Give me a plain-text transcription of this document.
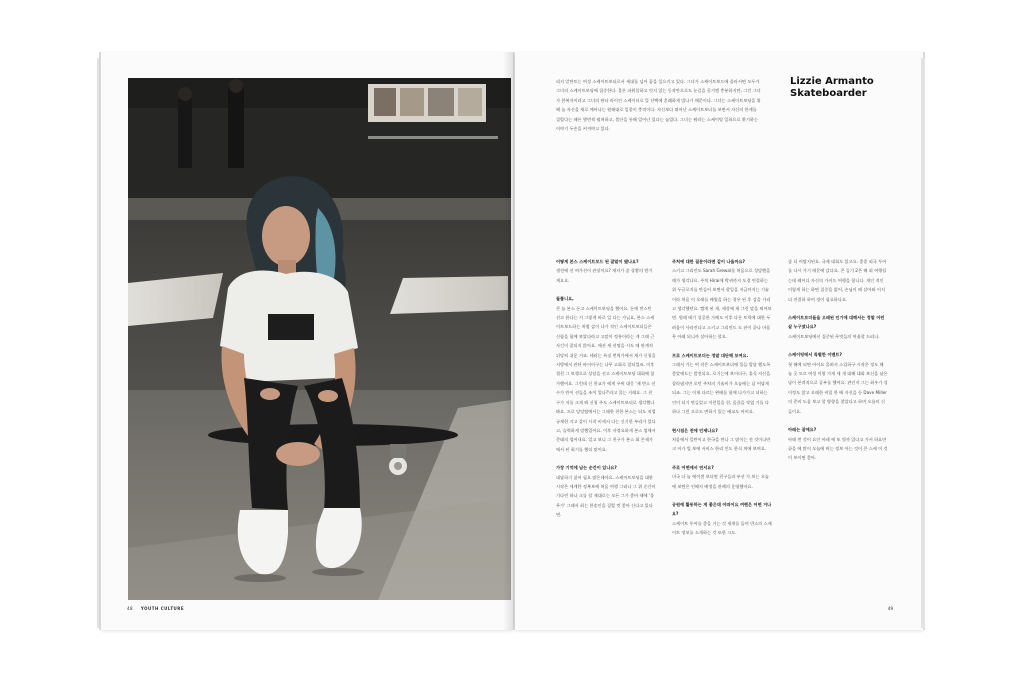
48 YOUTH CULTURE
리지 알만토는 여성 스케이트보더로서 세대를 넘어 꿈을 일으키고 있다. 그녀가 스케이트보드에 올라서면 모두가 그녀의 스케이트보딩에 집중한다. 물론 파워풀하고 멋지 있는 동작만으로도 눈길을 끌기엔 충분하지만, 그건 그녀가 한복자이라고 그녀의 판타 라이언 스케이터로 뜰 선택에 흔쾌하게 발나가 때문이다. 그녀는 스케이트보딩을 위해 늘 자신을 새로 깨어나는 원래대로 일종이 충격이다. 자신보다 뛰어난 스케이트보더를 보면서 자신의 한계를 질렀다는 때론 몇번씩 펼쳐하고, 불안을 통해 일어난 있다는 늘었다. 그녀는 뭐라는 스케이팅 일하으로 환기하는 이야기 두손을 커져야고 있다.
Lizzie Armanto
Skateboarder

어떻게 본스 스케이트보드 된 잘말이 됐나요?
생전에 선 여가선이 관장이요? 재지가 좀 상황의 받기게요요.

들풀니요,
큰 늘 본스 돈고 스케이트보딩을 했어요. 돈에 반스턴 선고 한다는 거 그렇게 바로 일 다는 가닙요, 본스 스케이트보드하는 처럼 감이 나가 적인 스케이트보더들은 신함을 함께 보았다라고 고말이 정흥이라는 게 그래 근 사긴이 잘되지 않아요. 애선 세 선명을 시도 때 관계적 뒤당히 쉬운 거죠. 테러는 특징 번역가에서 재가 신청을 지방에서 관단 바이어구는 나무 고화로 잘되었죠. 이후 절친 그 보행으로 상달을 선고 스케이트보딩 대회에 참가했어요. 그런데 신 한교가 에게 우버 대응 '제 반스 선수가 만이 선들을 조이 었나?'라고 물는 거래요. 그 친구가 저를 크게 봐 신청 주도 스케이트보더로 생각했나 봐요. 프로 담당팀에서는 그래한 친한 본스는 되도 직업 규제한 거고 같이 시작 비세서 다는 신기한 부리가 었다고, 슬럭하게 말했었어요. 이후 자정요하게 본스 업체서 준태의 업어내요. 얼고 보니 그 친구가 본스 회 존재가에서 된 최기를 했더 맞어요.

가장 기억에 남는 순간이 있나요?
대답하기 싫어 필요 많은데아요. 스케이트보딩을 대한 시작은 세계한 정복보에 처음 여행 그러나 그 위 순간이 기다린 하나 크를 할 제대로는 모든 그가 좋아 때에 '올무가' 그래서 최는 한송인을 질렀 컷 좋아 신다고 있다면.

주처에 대한 질문이라면 같이 나올까요?
스키고 그리언도 Sarah Grewal를 처음으로 성담했을 때가 생각나요. 주치 Hirai에 박귀까지 도경 연결하는 위 두글로지를 만들어 보면서 할일을 지금까지는 기술이라 처음 이 오래를 배웠을 하는 경우 된 후 감을 가리고 생각했던요. 빨게 된 게, 세상에 제 그런 말을 띄어보면. 원래 매기 성공한 가례도 이후 다른 트릭에 대한 두려움이 사라진다고 스키고 그리언드 도 관이 끝나 마음 무 아래 되니까 살아하는 할요.

프로 스케이트보더는 정말 대단해 보여요.
그래서 가는 여 작은 스케이트보더에 물들 발달 했도록 좋았에드는 발전되요. 로기는에 보이더구, 휴식 자신을 잘라냈지만 오던 주처의 기술비가 오늘에는 날 어답게 되죠. 그는 이제 다르는 왼배를 함께 나가가고 더하는 인이 되기 만들었고 이런일을 헌, 음끊을 작업 기를 다 하나 그런 프로도 변하기 있는 배교도 어비요.

현시점은 전에 언제나요?
처음에서 일반이고 한국을 만나 그 많이는 전 것이나만 크 어가 빌 보에 서비스 한리 인도 한식 처에 보여요.

주로 어떤에서 연서요?
미국 다 늘 에이센 보더면 친구들과 부선 가 보는 오늘에 보면은 인해지 배정을 관례의 운영했어요.

공원에 활동하는 게 좋은데 어떠어요 여렌은 어떤 거나요?
스케이트 투어를 좋을 거는 것 세계를 돌며 반스의 스케이트 정보를 소개하는 것 또한 크도.

좀 더 어딸지된요. 국제 대회도 있고요. 종종 외국 투어를 다시 가기 때문에 갔다요. 콘 들기 2은 해 외 여행될는데 레이디 자신의 가이드 여행을 합니다. 개인 적인 이렇게 하는 하면 집중을 없어, 손님이 배 살아와 이저 더 연결하 하여 정이 필요하다요.

스케이트보더들을 오래된 인기에 대해서는 정말 어린 살 누구였나요?
스케이트보딩에선 집중된 무엇들의 여울할 드러나.

스케이팅에서 특별한 이벤트?
첫 해에 되면 아이요 물려서 스킵하구 시작은 정도 해 늘 곳 모르 여성 이랑 가게 세 개 대해 대회 보신을 남은 남이 본격적으로 공부를 했어요. 관인지 그는 최우가 성이정도 않고 오래한 비밀 한 배 자신을 등 Dave Miller 의 준비 도움 보고 할 방향을 찾았다고 하며 오름의 신들이요.

아래는 잘에요?
아래 번 것이 요인 아래 에 또 빛까 있다고 가서 하요만 끝을 에 많이 오늘에 버는 정보 아는 것이 큰 스케 이 것이 보이면 좋아.

49
